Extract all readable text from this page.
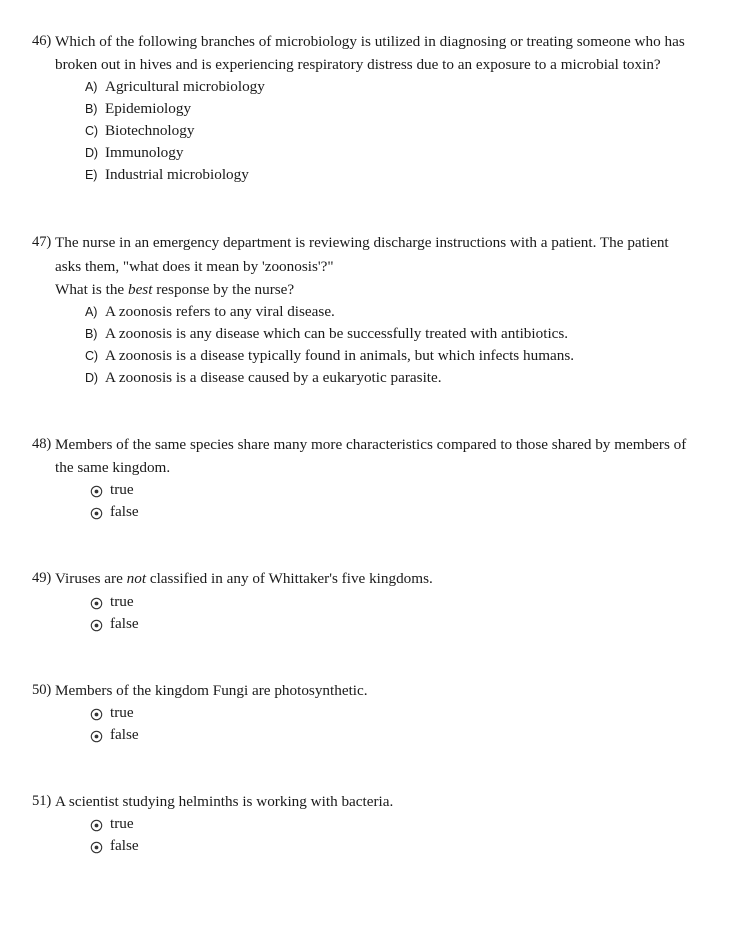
46) Which of the following branches of microbiology is utilized in diagnosing or treating someone who has broken out in hives and is experiencing respiratory distress due to an exposure to a microbial toxin?
A) Agricultural microbiology
B) Epidemiology
C) Biotechnology
D) Immunology
E) Industrial microbiology
47) The nurse in an emergency department is reviewing discharge instructions with a patient. The patient asks them, "what does it mean by 'zoonosis'?"
What is the best response by the nurse?
A) A zoonosis refers to any viral disease.
B) A zoonosis is any disease which can be successfully treated with antibiotics.
C) A zoonosis is a disease typically found in animals, but which infects humans.
D) A zoonosis is a disease caused by a eukaryotic parasite.
48) Members of the same species share many more characteristics compared to those shared by members of the same kingdom.
true
false
49) Viruses are not classified in any of Whittaker's five kingdoms.
true
false
50) Members of the kingdom Fungi are photosynthetic.
true
false
51) A scientist studying helminths is working with bacteria.
true
false
